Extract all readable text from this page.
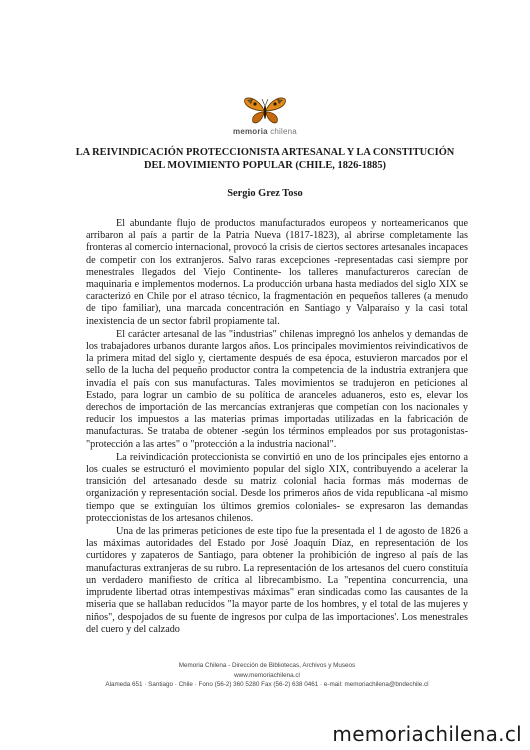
memoria chilena
LA REIVINDICACIÓN PROTECCIONISTA ARTESANAL Y LA CONSTITUCIÓN
DEL MOVIMIENTO POPULAR (CHILE, 1826-1885)
Sergio Grez Toso

El abundante flujo de productos manufacturados europeos y norteamericanos que arribaron al país a partir de la Patria Nueva (1817-1823), al abrirse completamente las fronteras al comercio internacional, provocó la crisis de ciertos sectores artesanales incapaces de competir con los extranjeros. Salvo raras excepciones -representadas casi siempre por menestrales llegados del Viejo Continente- los talleres manufactureros carecían de maquinaria e implementos modernos. La producción urbana hasta mediados del siglo XIX se caracterizó en Chile por el atraso técnico, la fragmentación en pequeños talleres (a menudo de tipo familiar), una marcada concentración en Santiago y Valparaíso y la casi total inexistencia de un sector fabril propiamente tal.

El carácter artesanal de las "industrias" chilenas impregnó los anhelos y demandas de los trabajadores urbanos durante largos años. Los principales movimientos reivindicativos de la primera mitad del siglo y, ciertamente después de esa época, estuvieron marcados por el sello de la lucha del pequeño productor contra la competencia de la industria extranjera que invadía el país con sus manufacturas. Tales movimientos se tradujeron en peticiones al Estado, para lograr un cambio de su política de aranceles aduaneros, esto es, elevar los derechos de importación de las mercancías extranjeras que competían con los nacionales y reducir los impuestos a las materias primas importadas utilizadas en la fabricación de manufacturas. Se trataba de obtener -según los términos empleados por sus protagonistas- "protección a las artes" o "protección a la industria nacional".

La reivindicación proteccionista se convirtió en uno de los principales ejes entorno a los cuales se estructuró el movimiento popular del siglo XIX, contribuyendo a acelerar la transición del artesanado desde su matriz colonial hacia formas más modernas de organización y representación social. Desde los primeros años de vida republicana -al mismo tiempo que se extinguían los últimos gremios coloniales- se expresaron las demandas proteccionistas de los artesanos chilenos.

Una de las primeras peticiones de este tipo fue la presentada el 1 de agosto de 1826 a las máximas autoridades del Estado por José Joaquín Díaz, en representación de los curtidores y zapateros de Santiago, para obtener la prohibición de ingreso al país de las manufacturas extranjeras de su rubro. La representación de los artesanos del cuero constituía un verdadero manifiesto de crítica al librecambismo. La "repentina concurrencia, una imprudente libertad otras intempestivas máximas" eran sindicadas como las causantes de la miseria que se hallaban reducidos "la mayor parte de los hombres, y el total de las mujeres y niños", despojados de su fuente de ingresos por culpa de las importaciones'. Los menestrales del cuero y del calzado

Memoria Chilena - Dirección de Bibliotecas, Archivos y Museos
www.memoriachilena.cl
Alameda 651 · Santiago · Chile · Fono (56-2) 360 5280 Fax (56-2) 638 0461 · e-mail: memoriachilena@bndechile.cl
memoriachilena.cl
